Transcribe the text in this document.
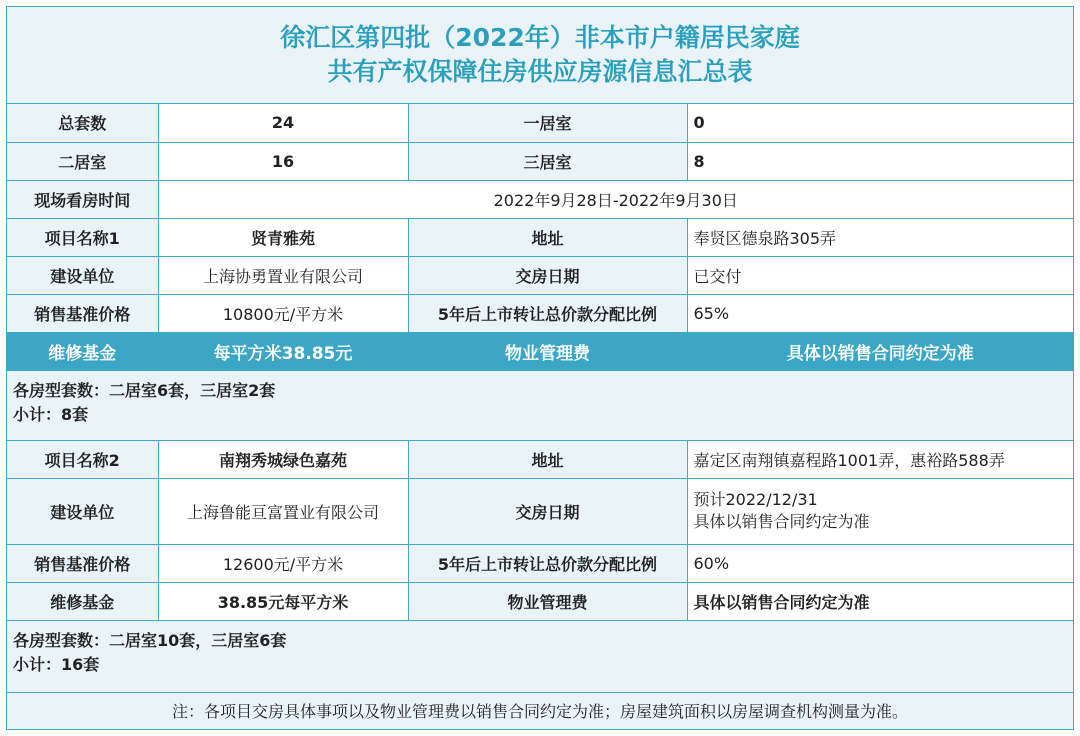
徐汇区第四批（2022年）非本市户籍居民家庭
共有产权保障住房供应房源信息汇总表
总套数	24	一居室	0
二居室	16	三居室	8
现场看房时间	2022年9月28日-2022年9月30日		
项目名称1	贤青雅苑	地址	奉贤区德泉路305弄
建设单位	上海协勇置业有限公司	交房日期	已交付
销售基准价格	10800元/平方米	5年后上市转让总价款分配比例	65%
维修基金	每平方米38.85元	物业管理费	具体以销售合同约定为准

各房型套数：二居室6套，三居室2套
小计：8套			

项目名称2	南翔秀城绿色嘉苑	地址	嘉定区南翔镇嘉程路1001弄，惠裕路588弄
建设单位	上海鲁能亘富置业有限公司	交房日期	预计2022/12/31
具体以销售合同约定为准

销售基准价格	12600元/平方米	5年后上市转让总价款分配比例	60%
维修基金	38.85元每平方米	物业管理费	具体以销售合同约定为准

各房型套数：二居室10套，三居室6套
小计：16套			

注：各项目交房具体事项以及物业管理费以销售合同约定为准；房屋建筑面积以房屋调查机构测量为准。			
